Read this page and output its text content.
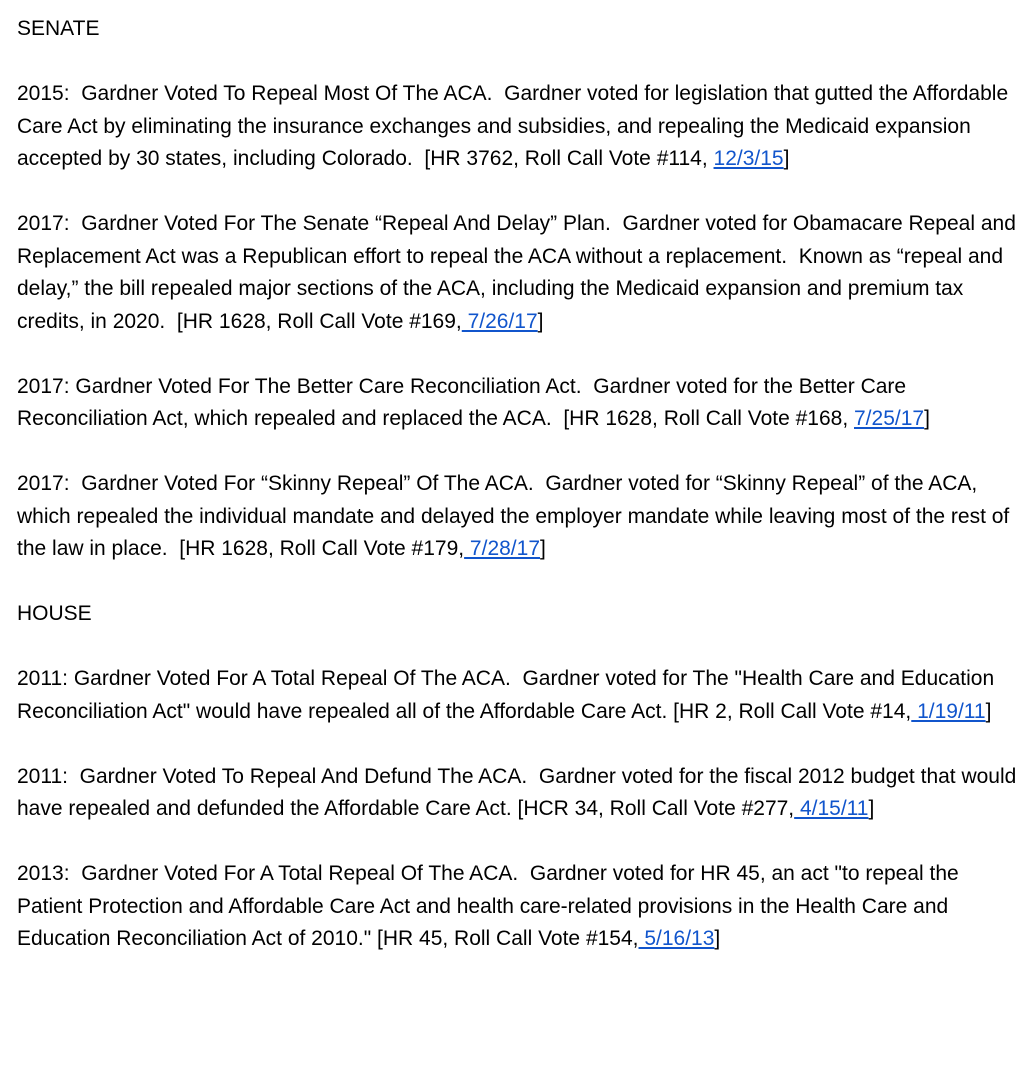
SENATE
2015:  Gardner Voted To Repeal Most Of The ACA.  Gardner voted for legislation that gutted the Affordable Care Act by eliminating the insurance exchanges and subsidies, and repealing the Medicaid expansion accepted by 30 states, including Colorado.  [HR 3762, Roll Call Vote #114, 12/3/15]
2017:  Gardner Voted For The Senate “Repeal And Delay” Plan.  Gardner voted for Obamacare Repeal and Replacement Act was a Republican effort to repeal the ACA without a replacement.  Known as “repeal and delay,” the bill repealed major sections of the ACA, including the Medicaid expansion and premium tax credits, in 2020.  [HR 1628, Roll Call Vote #169, 7/26/17]
2017: Gardner Voted For The Better Care Reconciliation Act.  Gardner voted for the Better Care Reconciliation Act, which repealed and replaced the ACA.  [HR 1628, Roll Call Vote #168, 7/25/17]
2017:  Gardner Voted For “Skinny Repeal” Of The ACA.  Gardner voted for “Skinny Repeal” of the ACA, which repealed the individual mandate and delayed the employer mandate while leaving most of the rest of the law in place.  [HR 1628, Roll Call Vote #179, 7/28/17]
HOUSE
2011: Gardner Voted For A Total Repeal Of The ACA.  Gardner voted for The "Health Care and Education Reconciliation Act" would have repealed all of the Affordable Care Act. [HR 2, Roll Call Vote #14, 1/19/11]
2011:  Gardner Voted To Repeal And Defund The ACA.  Gardner voted for the fiscal 2012 budget that would have repealed and defunded the Affordable Care Act. [HCR 34, Roll Call Vote #277, 4/15/11]
2013:  Gardner Voted For A Total Repeal Of The ACA.  Gardner voted for HR 45, an act "to repeal the Patient Protection and Affordable Care Act and health care-related provisions in the Health Care and Education Reconciliation Act of 2010." [HR 45, Roll Call Vote #154, 5/16/13]
